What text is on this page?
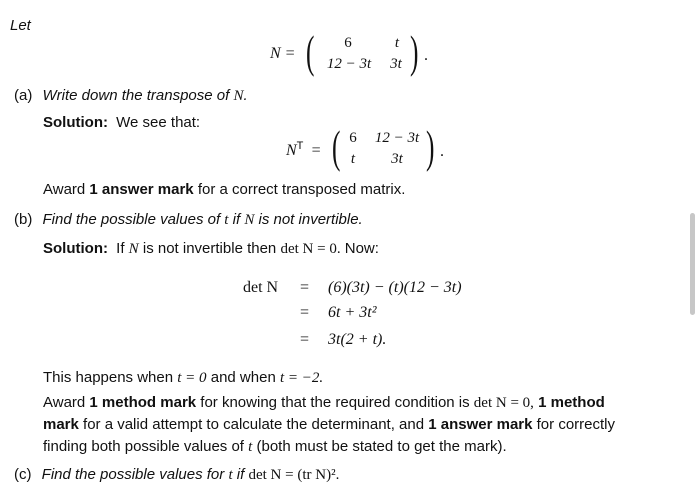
Let
N = (	6	t
12 − 3t	3t ) .
(a) Write down the transpose of N.
Solution: We see that:
$N^T$ = ( 6	12 − 3t
t	3t ) .
Award 1 answer mark for a correct transposed matrix.
(b) Find the possible values of t if N is not invertible.
Solution: If N is not invertible then det N = 0. Now:
det N = (6)(3t) − (t)(12 − 3t)
= 6t + 3t²
= 3t(2 + t).
This happens when t = 0 and when t = −2.
Award 1 method mark for knowing that the required condition is det N = 0, 1 method
mark for a valid attempt to calculate the determinant, and 1 answer mark for correctly
finding both possible values of t (both must be stated to get the mark).
(c) Find the possible values for t if det N = (tr N)².
